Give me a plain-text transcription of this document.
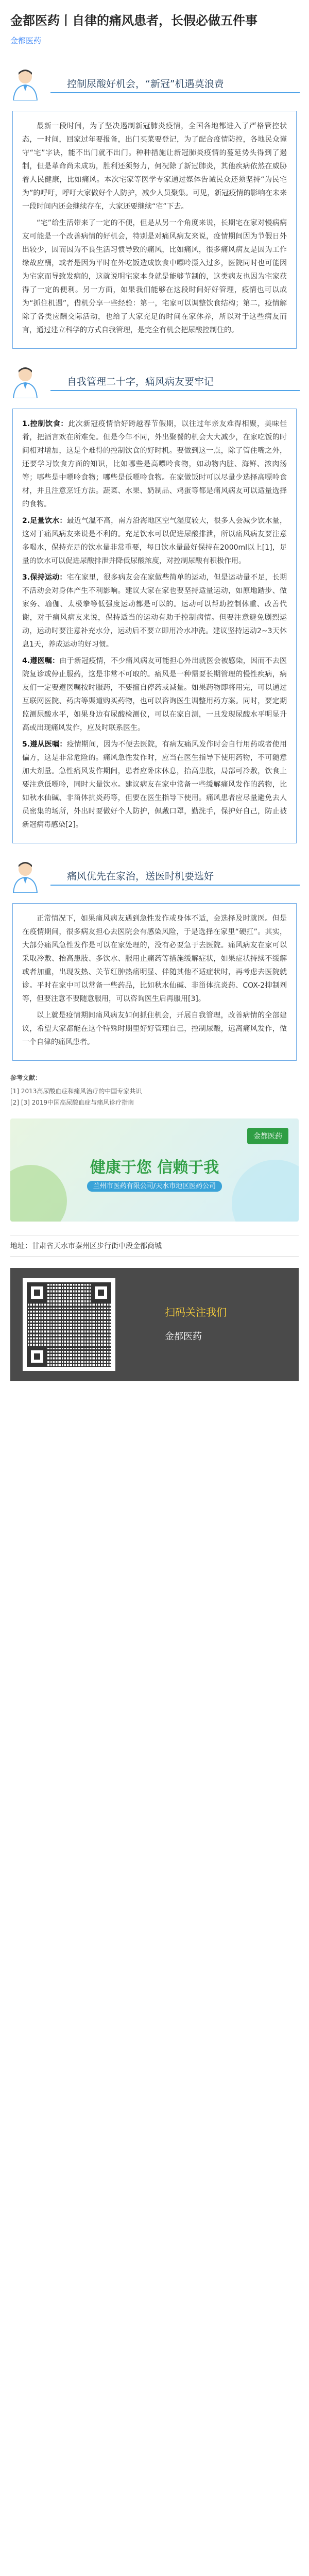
金都医药丨自律的痛风患者，长假必做五件事
金都医药
控制尿酸好机会，“新冠”机遇莫浪费

最新一段时间，为了坚决遏制新冠肺炎疫情，全国各地都进入了严格管控状态，一时间，回家过年要报备，出门买菜要登记，为了配合疫情防控，各地民众谨守“宅”字诀，能不出门就不出门。种种措施让新冠肺炎疫情的蔓延势头得到了遏制，但是革命尚未成功，胜利还须努力，何况除了新冠肺炎，其他疾病依然在威胁着人民健康，比如痛风。本次宅家等医学专家通过媒体告诫民众还须坚持“为民宅为”的呼吁，呼吁大家做好个人防护，减少人员聚集。可见，新冠疫情的影响在未来一段时间内还会继续存在，大家还要继续“宅”下去。

“宅”给生活带来了一定的不便，但是从另一个角度来说，长期宅在家对慢病病友可能是一个改善病情的好机会，特别是对痛风病友来说，疫情期间因为节假日外出较少，因而因为不良生活习惯导致的痛风，比如痛风，很多痛风病友是因为工作缘故应酬，或者是因为平时在外吃饭造成饮食中嘌呤摄入过多，医院同时也可能因为宅家而导致发病的，这就说明宅家本身就是能够节制的，这类病友也因为宅家获得了一定的便利。另一方面，如果我们能够在这段时间好好管理，疫情也可以成为“抓住机遇”，借机分享一些经验：第一，宅家可以调整饮食结构；第二，疫情解除了各类应酬交际活动，也给了大家充足的时间在家休养，所以对于这些病友而言，通过建立科学的方式自我管理，是完全有机会把尿酸控制住的。

自我管理二十字，痛风病友要牢记
1.控制饮食：此次新冠疫情恰好跨越春节假期，以往过年亲友难得相聚，美味佳肴，把酒言欢在所难免。但是今年不同，外出聚餐的机会大大减少，在家吃饭的时间相对增加，这是个难得的控制饮食的好时机。要做到这一点，除了管住嘴之外，还要学习饮食方面的知识，比如哪些是高嘌呤食物，如动物内脏、海鲜、浓肉汤等；哪些是中嘌呤食物；哪些是低嘌呤食物。在家做饭时可以尽量少选择高嘌呤食材，并且注意烹饪方法。蔬菜、水果、奶制品、鸡蛋等都是痛风病友可以适量选择的食物。
2.足量饮水：最近气温不高，南方沿海地区空气湿度较大，很多人会减少饮水量，这对于痛风病友来说是不利的。充足饮水可以促进尿酸排泄，所以痛风病友要注意多喝水，保持充足的饮水量非常重要，每日饮水量最好保持在2000ml以上[1]，足量的饮水可以促进尿酸排泄并降低尿酸浓度，对控制尿酸有积极作用。
3.保持运动：宅在家里，很多病友会在家做些简单的运动，但是运动量不足，长期不活动会对身体产生不利影响。建议大家在家也要坚持适量运动，如原地踏步、做家务、瑜伽、太极拳等低强度运动都是可以的。运动可以帮助控制体重、改善代谢，对于痛风病友来说，保持适当的运动有助于控制病情。但要注意避免剧烈运动，运动时要注意补充水分，运动后不要立即用冷水冲洗。建议坚持运动2~3天休息1天，养成运动的好习惯。
4.遵医嘱：由于新冠疫情，不少痛风病友可能担心外出就医会被感染，因而不去医院复诊或停止服药，这是非常不可取的。痛风是一种需要长期管理的慢性疾病，病友们一定要遵医嘱按时服药，不要擅自停药或减量。如果药物即将用完，可以通过互联网医院、药店等渠道购买药物，也可以咨询医生调整用药方案。同时，要定期监测尿酸水平，如果身边有尿酸检测仪，可以在家自测，一旦发现尿酸水平明显升高或出现痛风发作，应及时联系医生。
5.遵从医嘱：疫情期间，因为不便去医院，有病友痛风发作时会自行用药或者使用偏方，这是非常危险的。痛风急性发作时，应当在医生指导下使用药物，不可随意加大剂量。急性痛风发作期间，患者应卧床休息，抬高患肢，局部可冷敷，饮食上要注意低嘌呤，同时大量饮水。建议病友在家中常备一些缓解痛风发作的药物，比如秋水仙碱、非甾体抗炎药等，但要在医生指导下使用。痛风患者应尽量避免去人员密集的场所，外出时要做好个人防护，佩戴口罩，勤洗手，保护好自己，防止被新冠病毒感染[2]。
痛风优先在家治，送医时机要选好

正常情况下，如果痛风病友遇到急性发作或身体不适，会选择及时就医。但是在疫情期间，很多病友担心去医院会有感染风险，于是选择在家里“硬扛”。其实，大部分痛风急性发作是可以在家处理的，没有必要急于去医院。痛风病友在家可以采取冷敷、抬高患肢、多饮水、服用止痛药等措施缓解症状，如果症状持续不缓解或者加重，出现发热、关节红肿热痛明显、伴随其他不适症状时，再考虑去医院就诊。平时在家中可以常备一些药品，比如秋水仙碱、非甾体抗炎药、COX-2抑制剂等，但要注意不要随意服用，可以咨询医生后再服用[3]。

以上就是疫情期间痛风病友如何抓住机会，开展自我管理，改善病情的全部建议，希望大家都能在这个特殊时期里好好管理自己，控制尿酸，远离痛风发作，做一个自律的痛风患者。

参考文献：
[1] 2013高尿酸血症和痛风治疗的中国专家共识
[2] [3] 2019中国高尿酸血症与痛风诊疗指南
金都医药
健康于您 信赖于我
兰州市医药有限公司/天水市地区医药公司
地址：甘肃省天水市秦州区步行街中段金都商城
扫码关注我们
金都医药
